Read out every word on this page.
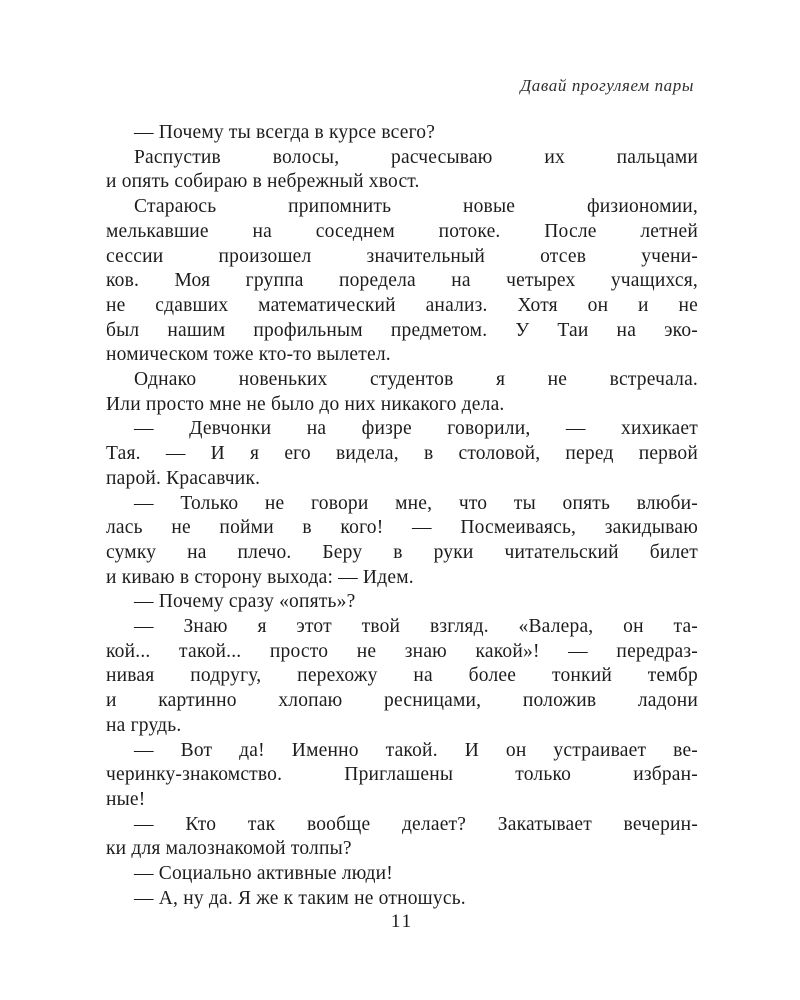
Давай прогуляем пары
— Почему ты всегда в курсе всего?
Распустив волосы, расчесываю их пальцами
и опять собираю в небрежный хвост.
Стараюсь припомнить новые физиономии,
мелькавшие на соседнем потоке. После летней
сессии произошел значительный отсев учени-
ков. Моя группа поредела на четырех учащихся,
не сдавших математический анализ. Хотя он и не
был нашим профильным предметом. У Таи на эко-
номическом тоже кто-то вылетел.
Однако новеньких студентов я не встречала.
Или просто мне не было до них никакого дела.
— Девчонки на физре говорили, — хихикает
Тая. — И я его видела, в столовой, перед первой
парой. Красавчик.
— Только не говори мне, что ты опять влюби-
лась не пойми в кого! — Посмеиваясь, закидываю
сумку на плечо. Беру в руки читательский билет
и киваю в сторону выхода: — Идем.
— Почему сразу «опять»?
— Знаю я этот твой взгляд. «Валера, он та-
кой... такой... просто не знаю какой»! — передраз-
нивая подругу, перехожу на более тонкий тембр
и картинно хлопаю ресницами, положив ладони
на грудь.
— Вот да! Именно такой. И он устраивает ве-
черинку-знакомство. Приглашены только избран-
ные!
— Кто так вообще делает? Закатывает вечерин-
ки для малознакомой толпы?
— Социально активные люди!
— А, ну да. Я же к таким не отношусь.
11
